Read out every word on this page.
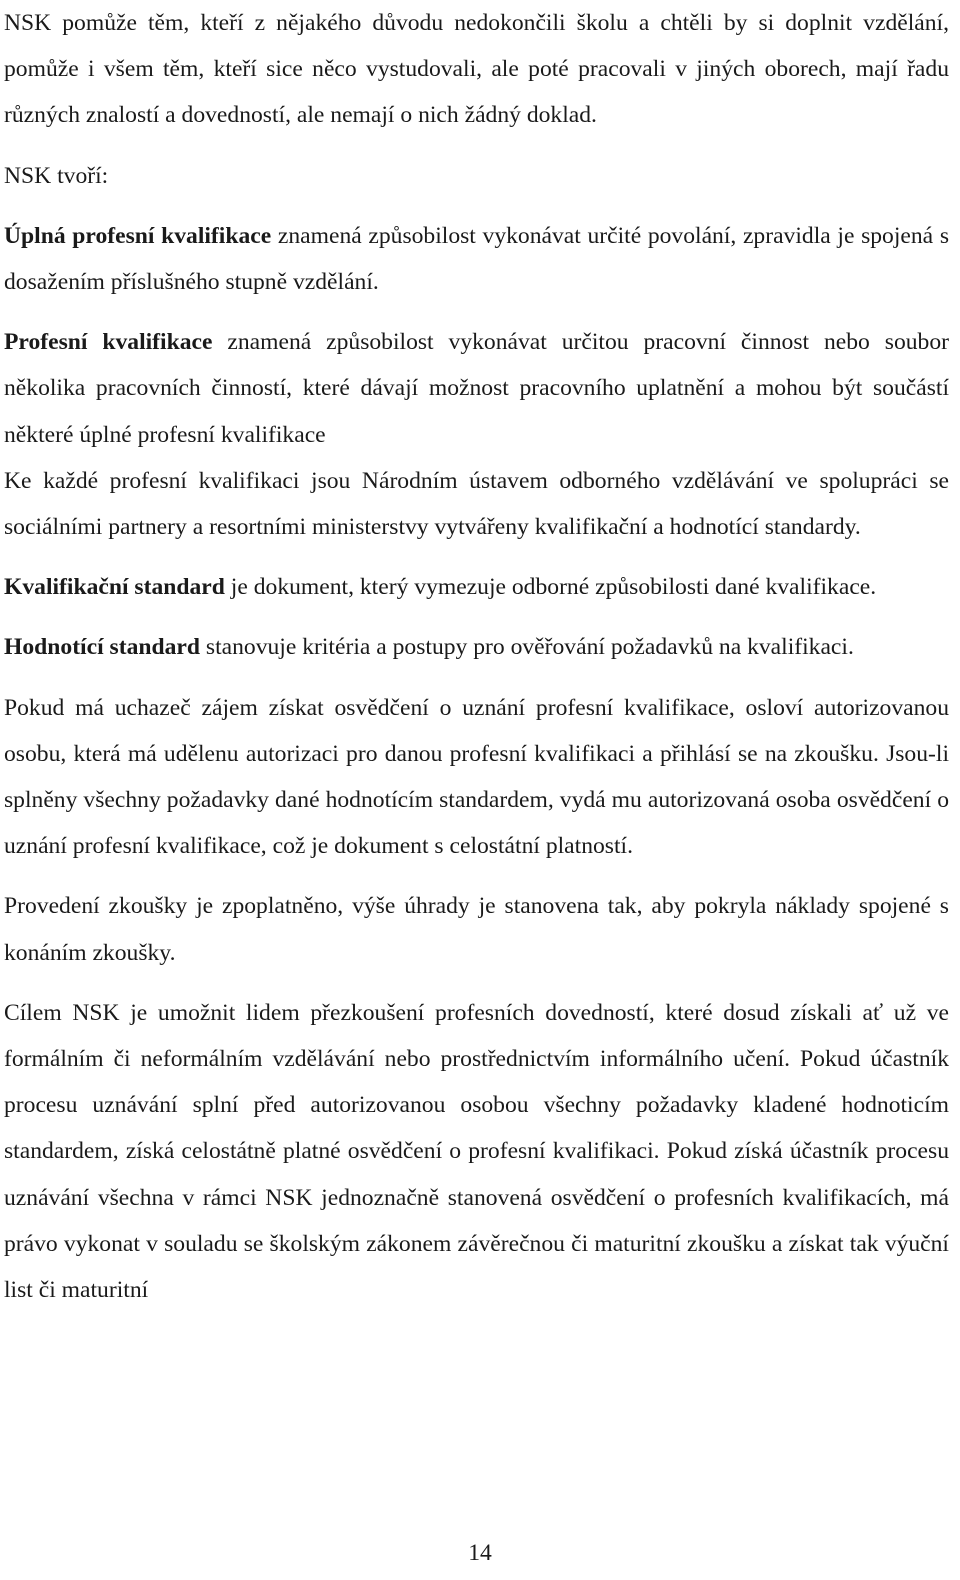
NSK pomůže těm, kteří z nějakého důvodu nedokončili školu a chtěli by si doplnit vzdělání, pomůže i všem těm, kteří sice něco vystudovali, ale poté pracovali v jiných oborech, mají řadu různých znalostí a dovedností, ale nemají o nich žádný doklad.

NSK tvoří:

Úplná profesní kvalifikace znamená způsobilost vykonávat určité povolání, zpravidla je spojená s dosažením příslušného stupně vzdělání.

Profesní kvalifikace znamená způsobilost vykonávat určitou pracovní činnost nebo soubor několika pracovních činností, které dávají možnost pracovního uplatnění a mohou být součástí některé úplné profesní kvalifikace

Ke každé profesní kvalifikaci jsou Národním ústavem odborného vzdělávání ve spolupráci se sociálními partnery a resortními ministerstvy vytvářeny kvalifikační a hodnotící standardy.

Kvalifikační standard je dokument, který vymezuje odborné způsobilosti dané kvalifikace.

Hodnotící standard stanovuje kritéria a postupy pro ověřování požadavků na kvalifikaci.

Pokud má uchazeč zájem získat osvědčení o uznání profesní kvalifikace, osloví autorizovanou osobu, která má udělenu autorizaci pro danou profesní kvalifikaci a přihlásí se na zkoušku. Jsou-li splněny všechny požadavky dané hodnotícím standardem, vydá mu autorizovaná osoba osvědčení o uznání profesní kvalifikace, což je dokument s celostátní platností.

Provedení zkoušky je zpoplatněno, výše úhrady je stanovena tak, aby pokryla náklady spojené s konáním zkoušky.

Cílem NSK je umožnit lidem přezkoušení profesních dovedností, které dosud získali ať už ve formálním či neformálním vzdělávání nebo prostřednictvím informálního učení. Pokud účastník procesu uznávání splní před autorizovanou osobou všechny požadavky kladené hodnoticím standardem, získá celostátně platné osvědčení o profesní kvalifikaci. Pokud získá účastník procesu uznávání všechna v rámci NSK jednoznačně stanovená osvědčení o profesních kvalifikacích, má právo vykonat v souladu se školským zákonem závěrečnou či maturitní zkoušku a získat tak výuční list či maturitní

14
